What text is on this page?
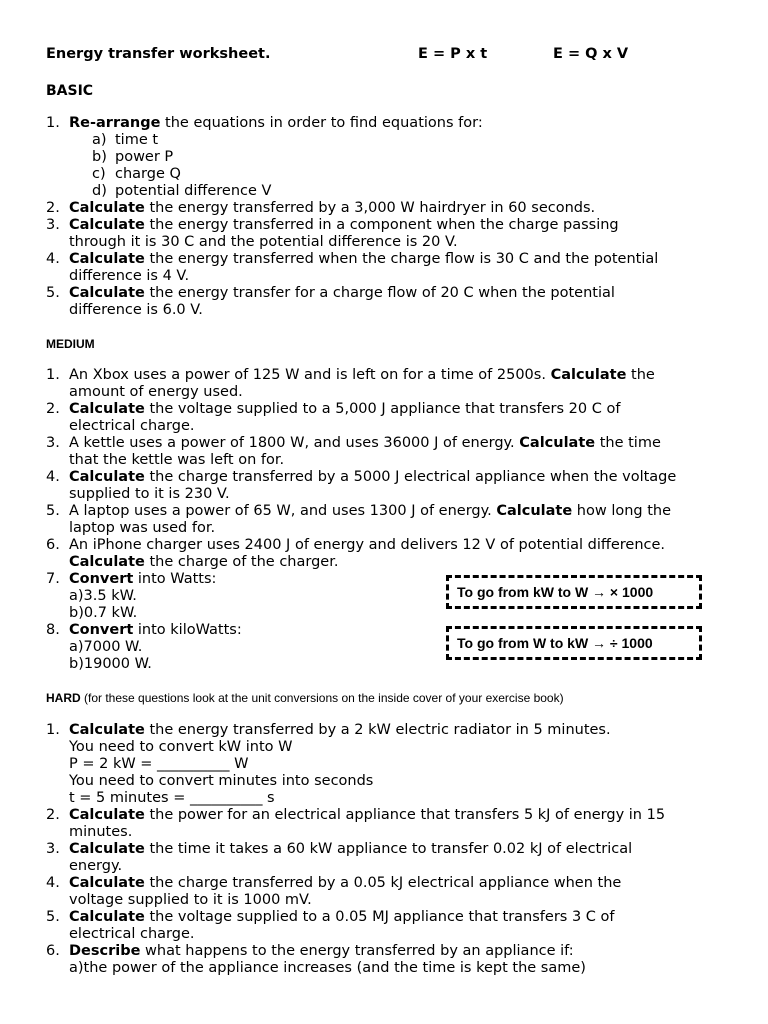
Energy transfer worksheet.	E = P x t	E = Q x V
BASIC
1. Re-arrange the equations in order to find equations for:
a) time t
b) power P
c) charge Q
d) potential difference V
2. Calculate the energy transferred by a 3,000 W hairdryer in 60 seconds.
3. Calculate the energy transferred in a component when the charge passing
through it is 30 C and the potential difference is 20 V.
4. Calculate the energy transferred when the charge flow is 30 C and the potential
difference is 4 V.
5. Calculate the energy transfer for a charge flow of 20 C when the potential
difference is 6.0 V.
MEDIUM
1. An Xbox uses a power of 125 W and is left on for a time of 2500s. Calculate the
amount of energy used.
2. Calculate the voltage supplied to a 5,000 J appliance that transfers 20 C of
electrical charge.
3. A kettle uses a power of 1800 W, and uses 36000 J of energy. Calculate the time
that the kettle was left on for.
4. Calculate the charge transferred by a 5000 J electrical appliance when the voltage
supplied to it is 230 V.
5. A laptop uses a power of 65 W, and uses 1300 J of energy. Calculate how long the
laptop was used for.
6. An iPhone charger uses 2400 J of energy and delivers 12 V of potential difference.
Calculate the charge of the charger.
7. Convert into Watts:
a)3.5 kW.
b)0.7 kW.
8. Convert into kiloWatts:
a)7000 W.
b)19000 W.
To go from kW to W → × 1000
To go from W to kW → ÷ 1000
HARD (for these questions look at the unit conversions on the inside cover of your exercise book)
1. Calculate the energy transferred by a 2 kW electric radiator in 5 minutes.
You need to convert kW into W
P = 2 kW = __________ W
You need to convert minutes into seconds
t = 5 minutes = __________ s
2. Calculate the power for an electrical appliance that transfers 5 kJ of energy in 15
minutes.
3. Calculate the time it takes a 60 kW appliance to transfer 0.02 kJ of electrical
energy.
4. Calculate the charge transferred by a 0.05 kJ electrical appliance when the
voltage supplied to it is 1000 mV.
5. Calculate the voltage supplied to a 0.05 MJ appliance that transfers 3 C of
electrical charge.
6. Describe what happens to the energy transferred by an appliance if:
a)the power of the appliance increases (and the time is kept the same)
